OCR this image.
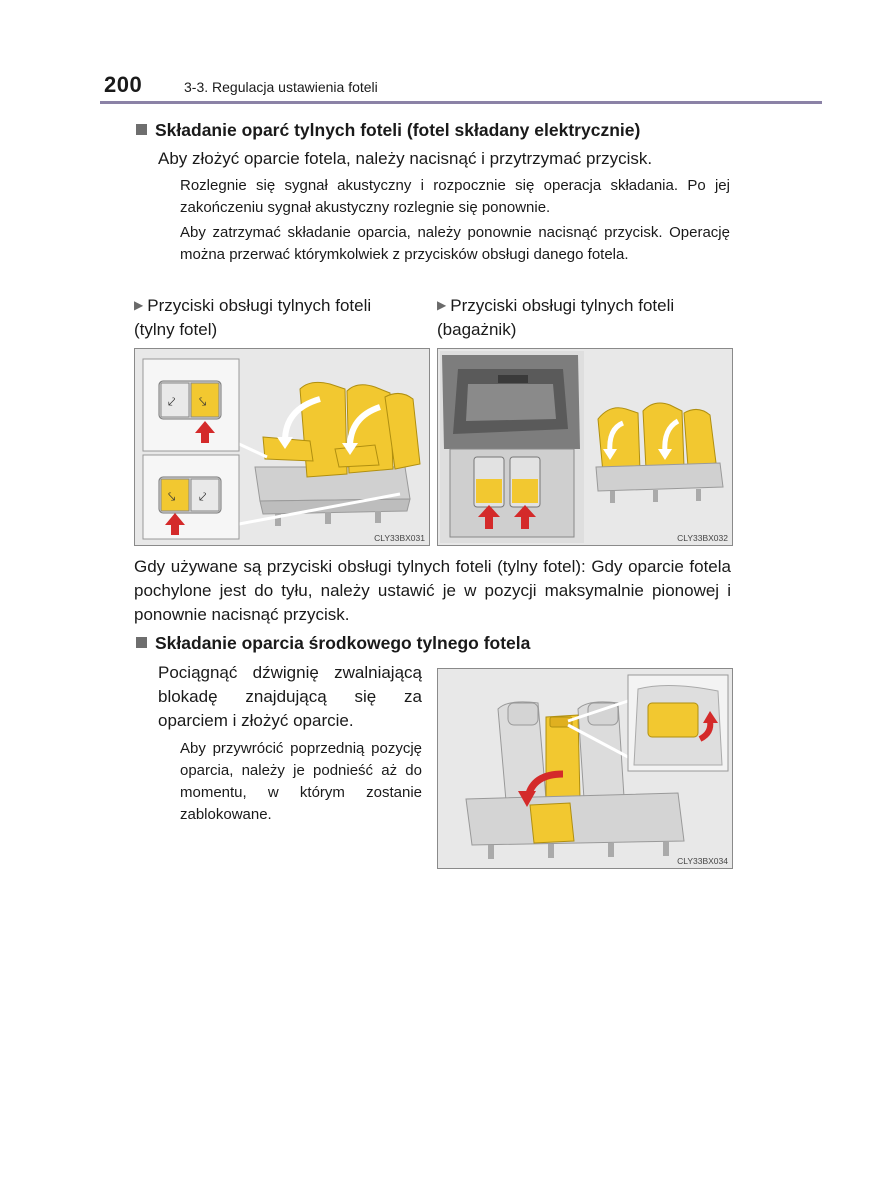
200	3-3. Regulacja ustawienia foteli
Składanie oparć tylnych foteli (fotel składany elektrycznie)
Aby złożyć oparcie fotela, należy nacisnąć i przytrzymać przycisk.
Rozlegnie się sygnał akustyczny i rozpocznie się operacja składania. Po jej zakończeniu sygnał akustyczny rozlegnie się ponownie.
Aby zatrzymać składanie oparcia, należy ponownie nacisnąć przycisk. Operację można przerwać którymkolwiek z przycisków obsługi danego fotela.
▶ Przyciski obsługi tylnych foteli (tylny fotel)
▶ Przyciski obsługi tylnych foteli (bagażnik)
⤦ ⤥
⤥ ⤦
CLY33BX031	CLY33BX032
Gdy używane są przyciski obsługi tylnych foteli (tylny fotel): Gdy oparcie fotela pochylone jest do tyłu, należy ustawić je w pozycji maksymalnie pionowej i ponownie nacisnąć przycisk.
Składanie oparcia środkowego tylnego fotela
Pociągnąć dźwignię zwalniającą blokadę znajdującą się za oparciem i złożyć oparcie.
Aby przywrócić poprzednią pozycję oparcia, należy je podnieść aż do momentu, w którym zostanie zablokowane.
CLY33BX034
